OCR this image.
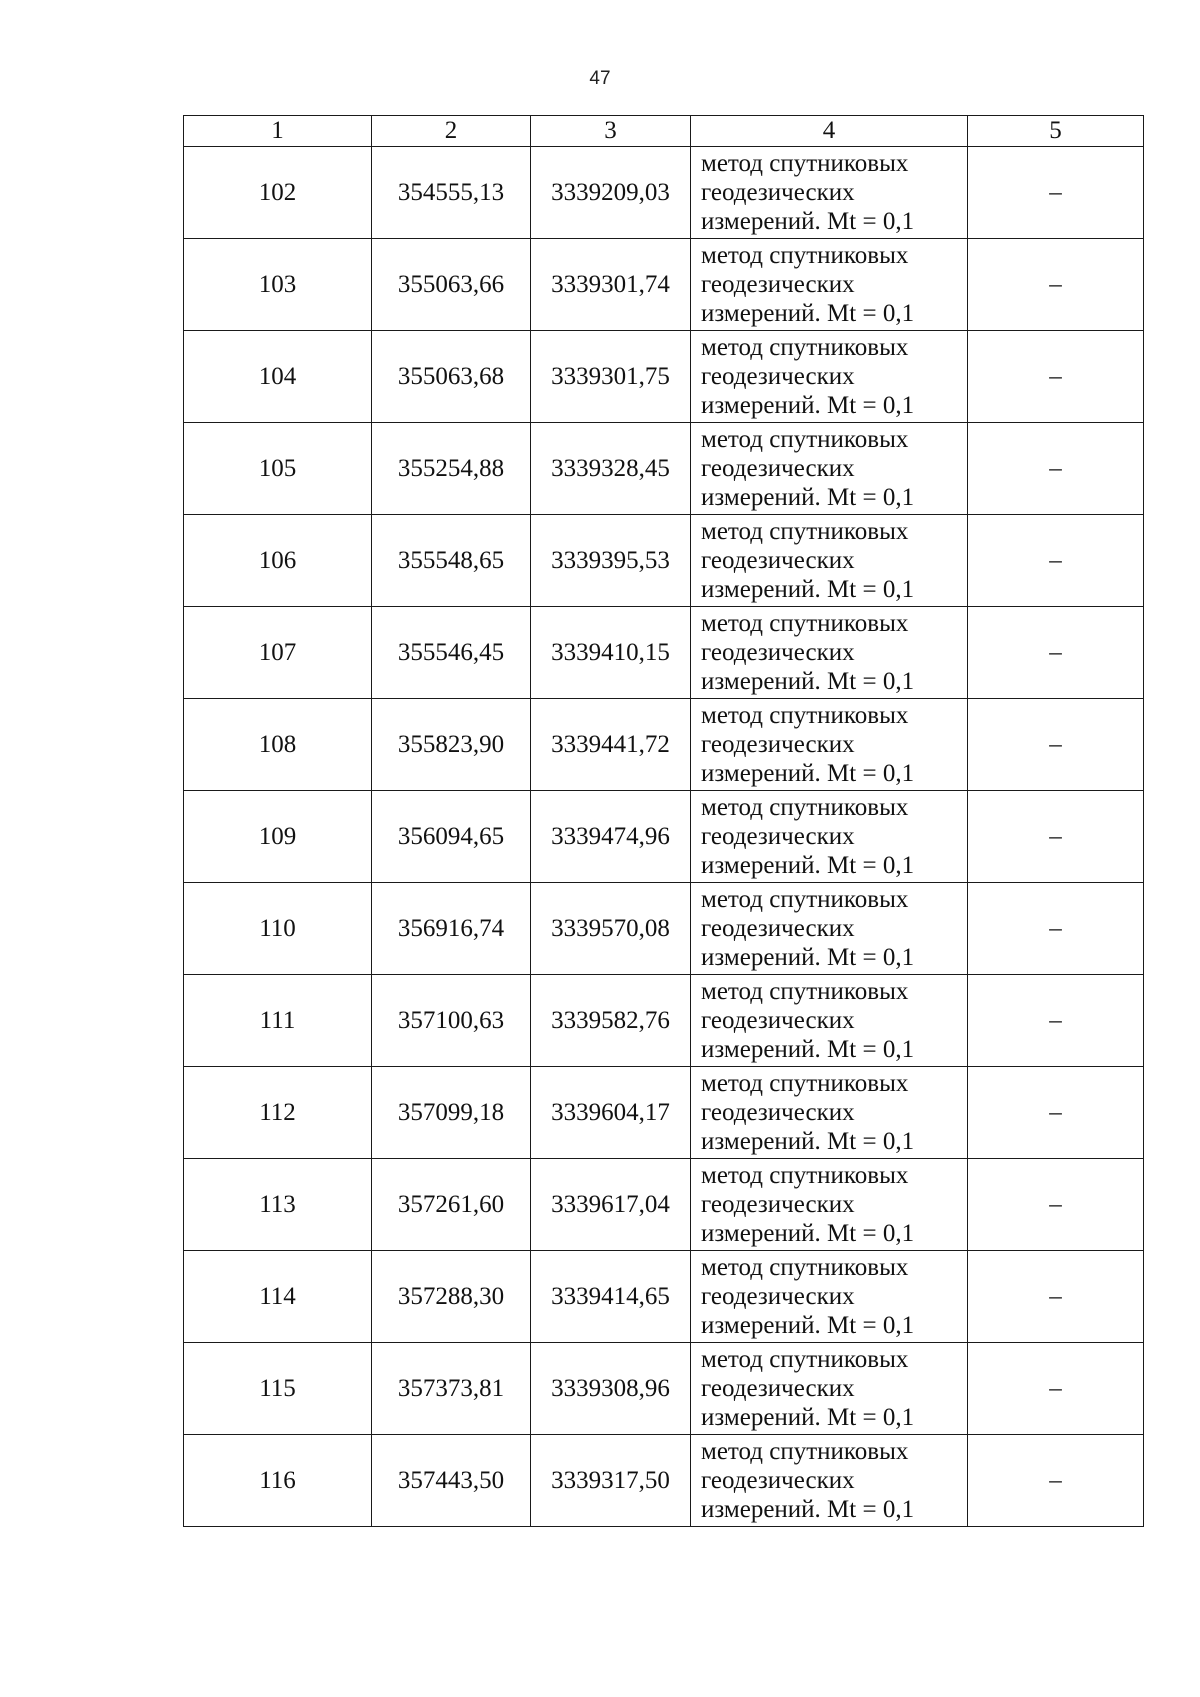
47
1	2	3	4	5
102	354555,13	3339209,03	метод спутниковых
геодезических
измерений. Mt = 0,1	–
103	355063,66	3339301,74	метод спутниковых
геодезических
измерений. Mt = 0,1	–
104	355063,68	3339301,75	метод спутниковых
геодезических
измерений. Mt = 0,1	–
105	355254,88	3339328,45	метод спутниковых
геодезических
измерений. Mt = 0,1	–
106	355548,65	3339395,53	метод спутниковых
геодезических
измерений. Mt = 0,1	–
107	355546,45	3339410,15	метод спутниковых
геодезических
измерений. Mt = 0,1	–
108	355823,90	3339441,72	метод спутниковых
геодезических
измерений. Mt = 0,1	–
109	356094,65	3339474,96	метод спутниковых
геодезических
измерений. Mt = 0,1	–
110	356916,74	3339570,08	метод спутниковых
геодезических
измерений. Mt = 0,1	–
111	357100,63	3339582,76	метод спутниковых
геодезических
измерений. Mt = 0,1	–
112	357099,18	3339604,17	метод спутниковых
геодезических
измерений. Mt = 0,1	–
113	357261,60	3339617,04	метод спутниковых
геодезических
измерений. Mt = 0,1	–
114	357288,30	3339414,65	метод спутниковых
геодезических
измерений. Mt = 0,1	–
115	357373,81	3339308,96	метод спутниковых
геодезических
измерений. Mt = 0,1	–
116	357443,50	3339317,50	метод спутниковых
геодезических
измерений. Mt = 0,1	–
